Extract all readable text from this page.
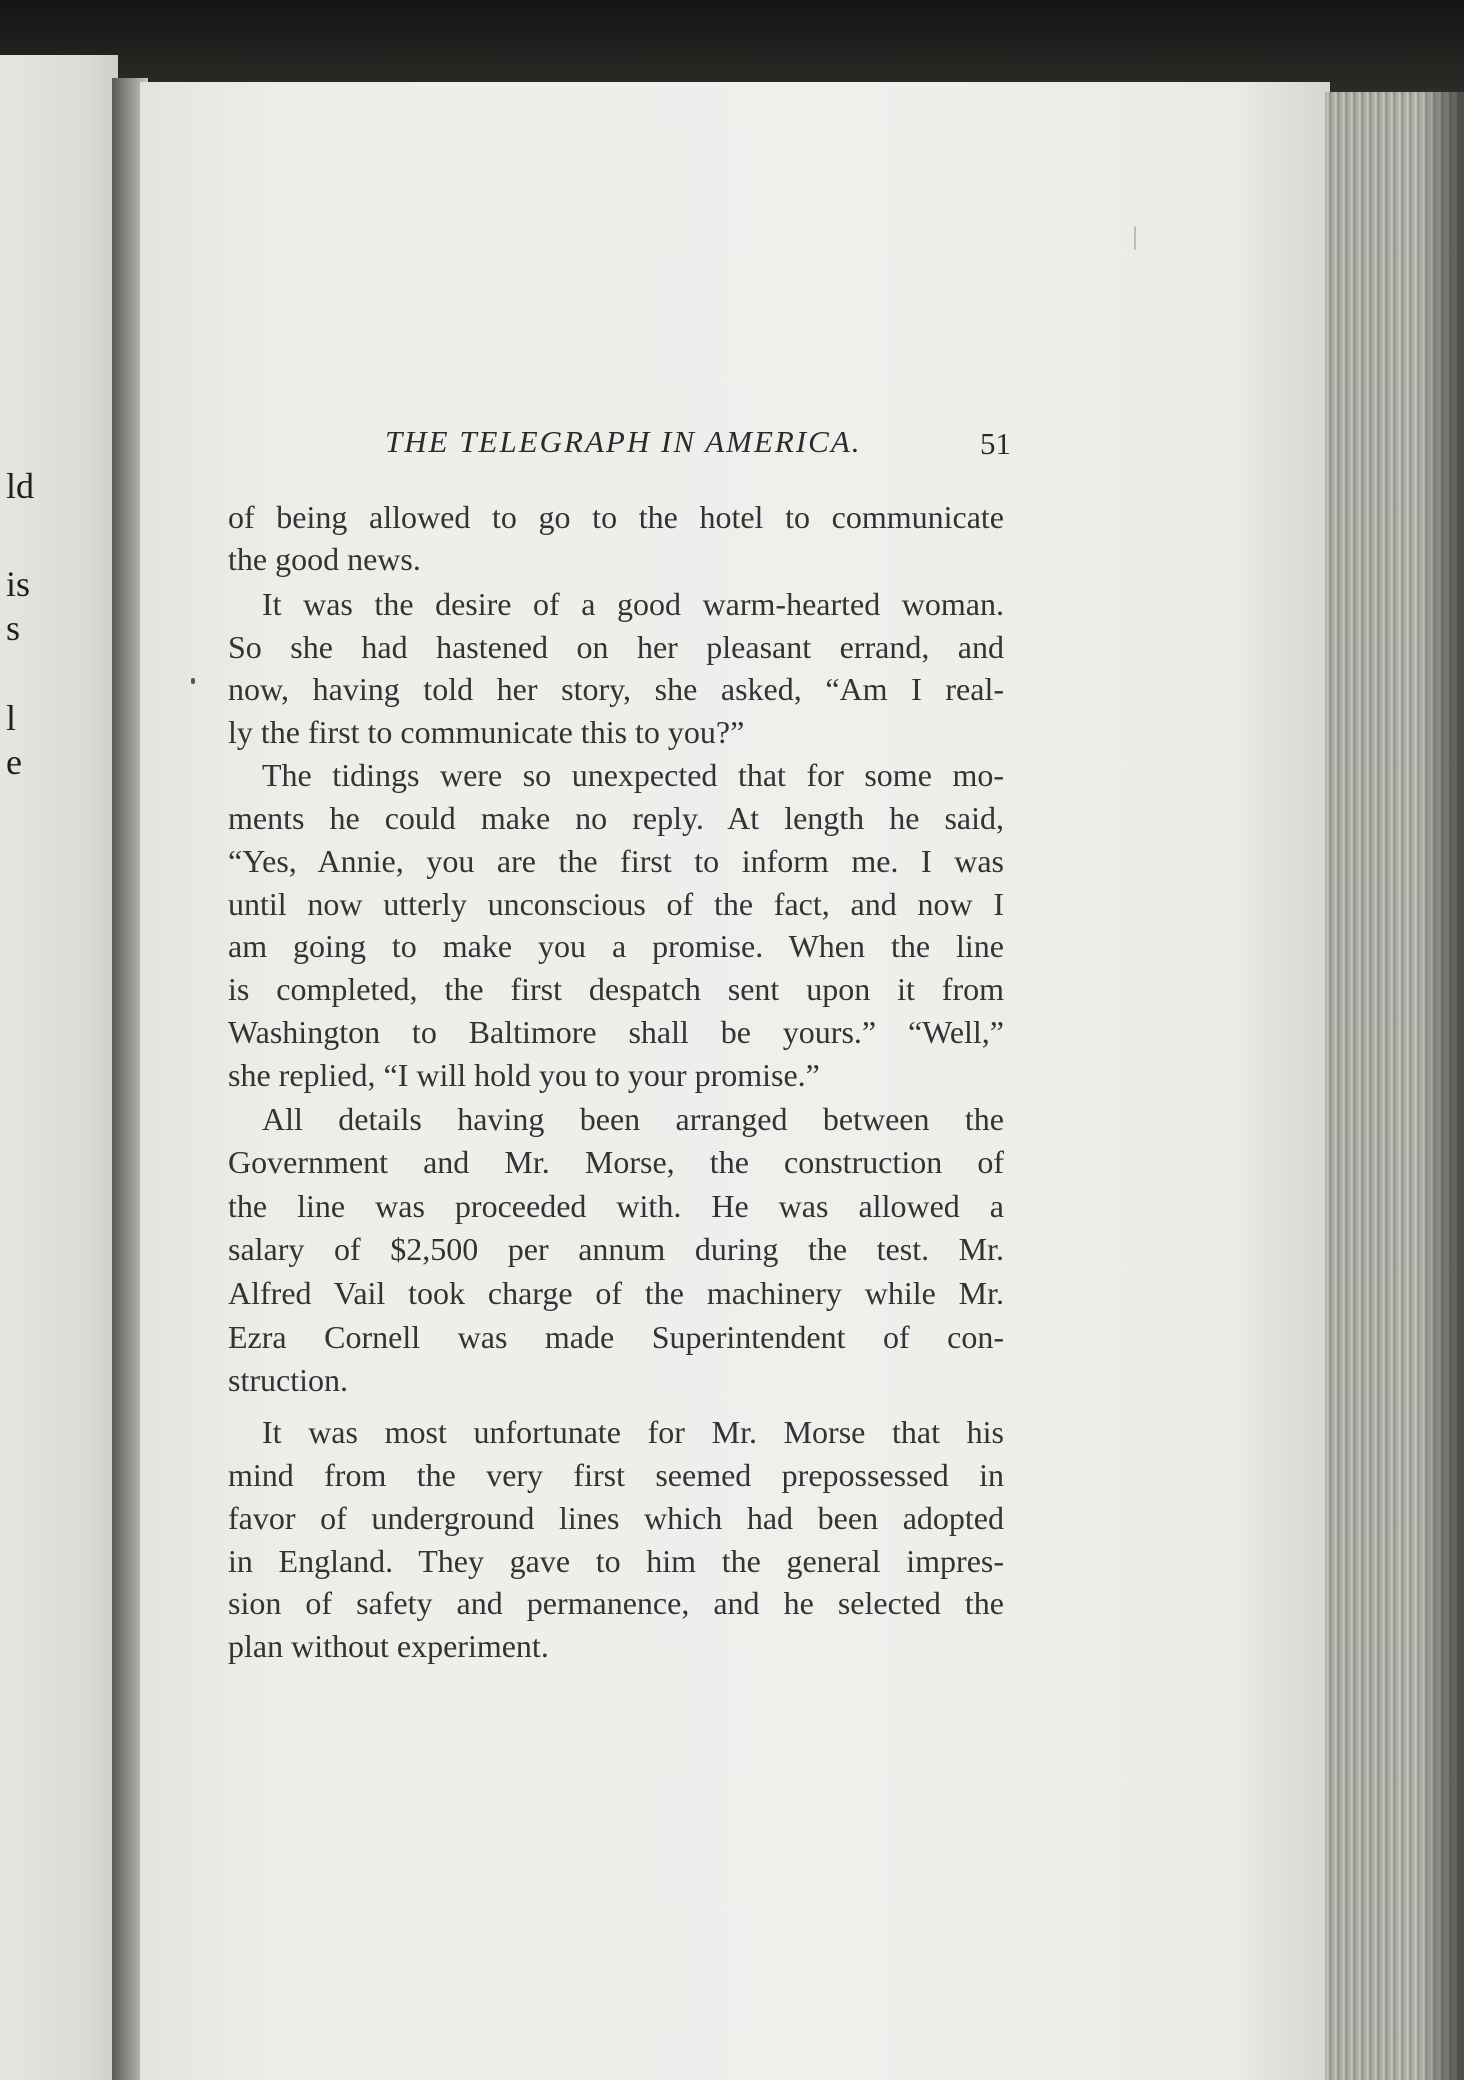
ld
is
s
l
e
THE TELEGRAPH IN AMERICA.	51
of being allowed to go to the hotel to communicate
the good news.
It was the desire of a good warm-hearted woman.
So she had hastened on her pleasant errand, and
now, having told her story, she asked, “Am I real-
ly the first to communicate this to you?”
The tidings were so unexpected that for some mo-
ments he could make no reply. At length he said,
“Yes, Annie, you are the first to inform me. I was
until now utterly unconscious of the fact, and now I
am going to make you a promise. When the line
is completed, the first despatch sent upon it from
Washington to Baltimore shall be yours.” “Well,”
she replied, “I will hold you to your promise.”
All details having been arranged between the
Government and Mr. Morse, the construction of
the line was proceeded with. He was allowed a
salary of $2,500 per annum during the test. Mr.
Alfred Vail took charge of the machinery while Mr.
Ezra Cornell was made Superintendent of con-
struction.
It was most unfortunate for Mr. Morse that his
mind from the very first seemed prepossessed in
favor of underground lines which had been adopted
in England. They gave to him the general impres-
sion of safety and permanence, and he selected the
plan without experiment.
